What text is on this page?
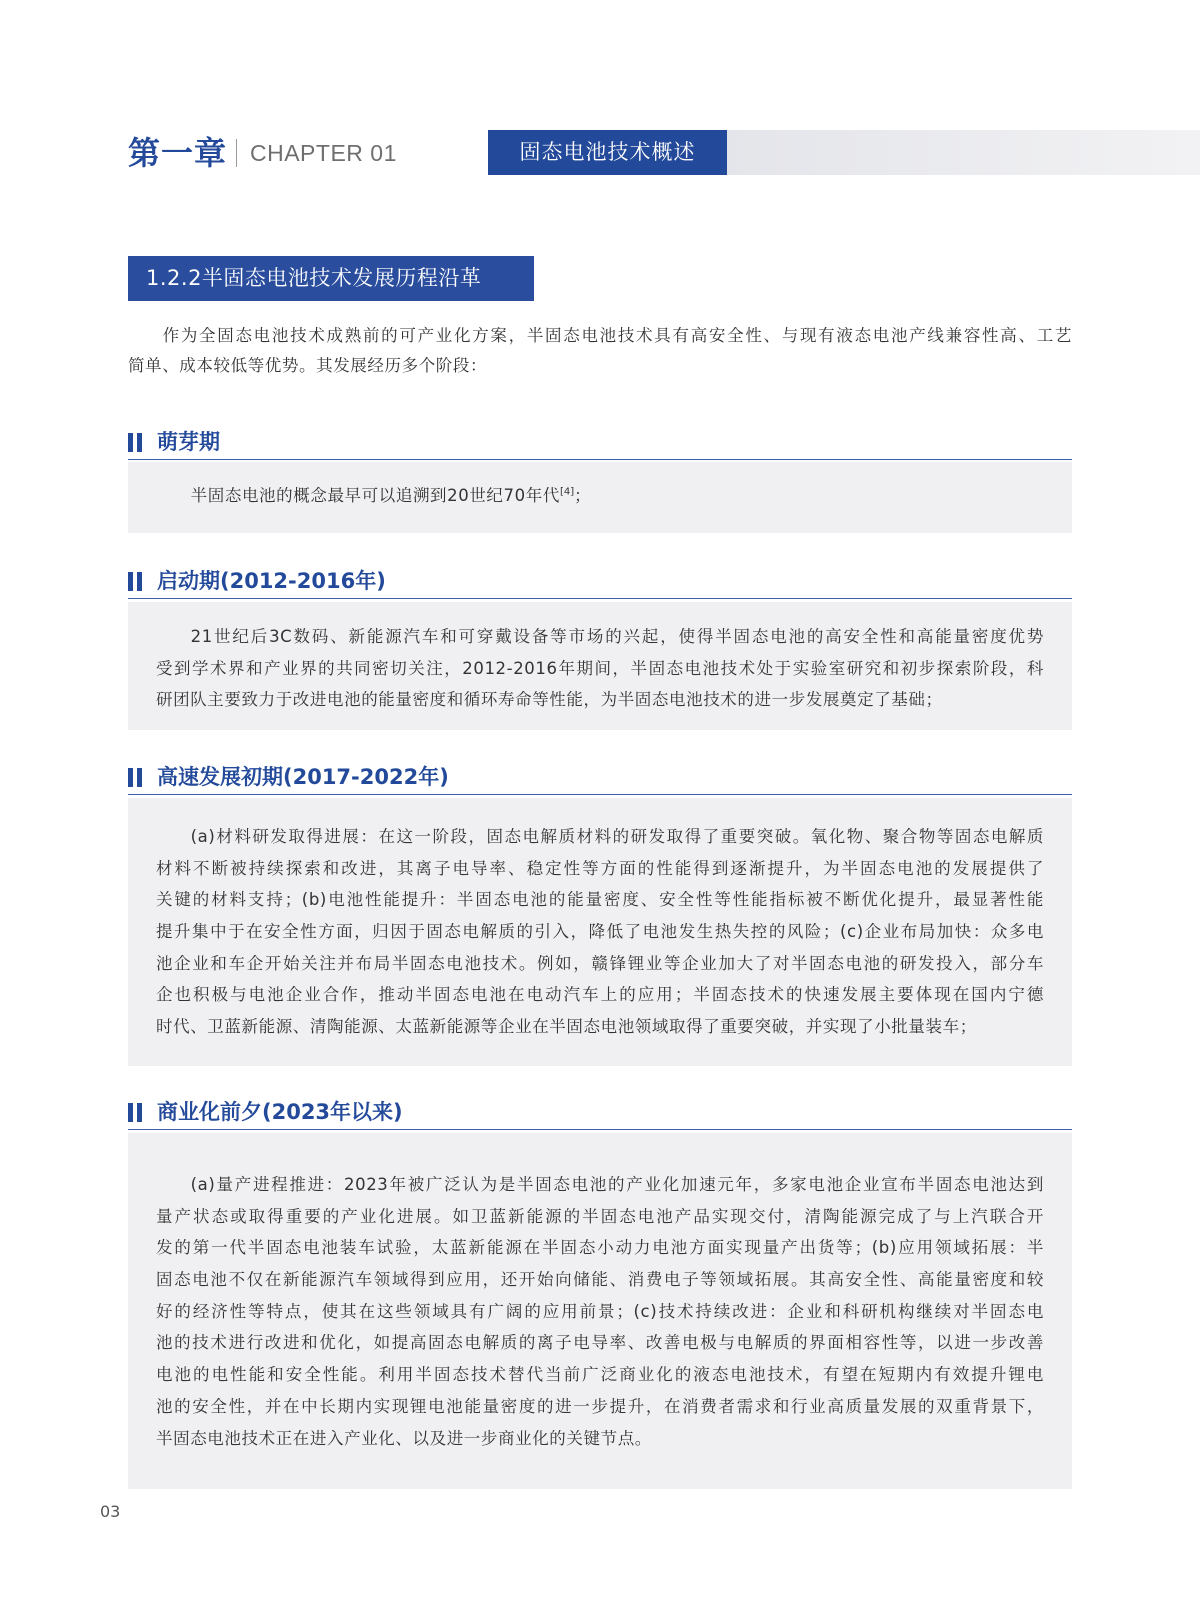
第一章 CHAPTER 01	固态电池技术概述
1.2.2半固态电池技术发展历程沿革
作为全固态电池技术成熟前的可产业化方案，半固态电池技术具有高安全性、与现有液态电池产线兼容性高、工艺
简单、成本较低等优势。其发展经历多个阶段：
萌芽期
半固态电池的概念最早可以追溯到20世纪70年代[4]；
启动期(2012-2016年)
21世纪后3C数码、新能源汽车和可穿戴设备等市场的兴起，使得半固态电池的高安全性和高能量密度优势
受到学术界和产业界的共同密切关注，2012-2016年期间，半固态电池技术处于实验室研究和初步探索阶段，科
研团队主要致力于改进电池的能量密度和循环寿命等性能，为半固态电池技术的进一步发展奠定了基础；
高速发展初期(2017-2022年)
(a)材料研发取得进展：在这一阶段，固态电解质材料的研发取得了重要突破。氧化物、聚合物等固态电解质
材料不断被持续探索和改进，其离子电导率、稳定性等方面的性能得到逐渐提升，为半固态电池的发展提供了
关键的材料支持；(b)电池性能提升：半固态电池的能量密度、安全性等性能指标被不断优化提升，最显著性能
提升集中于在安全性方面，归因于固态电解质的引入，降低了电池发生热失控的风险；(c)企业布局加快：众多电
池企业和车企开始关注并布局半固态电池技术。例如，赣锋锂业等企业加大了对半固态电池的研发投入，部分车
企也积极与电池企业合作，推动半固态电池在电动汽车上的应用；半固态技术的快速发展主要体现在国内宁德
时代、卫蓝新能源、清陶能源、太蓝新能源等企业在半固态电池领域取得了重要突破，并实现了小批量装车；
商业化前夕(2023年以来)
(a)量产进程推进：2023年被广泛认为是半固态电池的产业化加速元年，多家电池企业宣布半固态电池达到
量产状态或取得重要的产业化进展。如卫蓝新能源的半固态电池产品实现交付，清陶能源完成了与上汽联合开
发的第一代半固态电池装车试验，太蓝新能源在半固态小动力电池方面实现量产出货等；(b)应用领域拓展：半
固态电池不仅在新能源汽车领域得到应用，还开始向储能、消费电子等领域拓展。其高安全性、高能量密度和较
好的经济性等特点，使其在这些领域具有广阔的应用前景；(c)技术持续改进：企业和科研机构继续对半固态电
池的技术进行改进和优化，如提高固态电解质的离子电导率、改善电极与电解质的界面相容性等，以进一步改善
电池的电性能和安全性能。利用半固态技术替代当前广泛商业化的液态电池技术，有望在短期内有效提升锂电
池的安全性，并在中长期内实现锂电池能量密度的进一步提升，在消费者需求和行业高质量发展的双重背景下，
半固态电池技术正在进入产业化、以及进一步商业化的关键节点。
03
